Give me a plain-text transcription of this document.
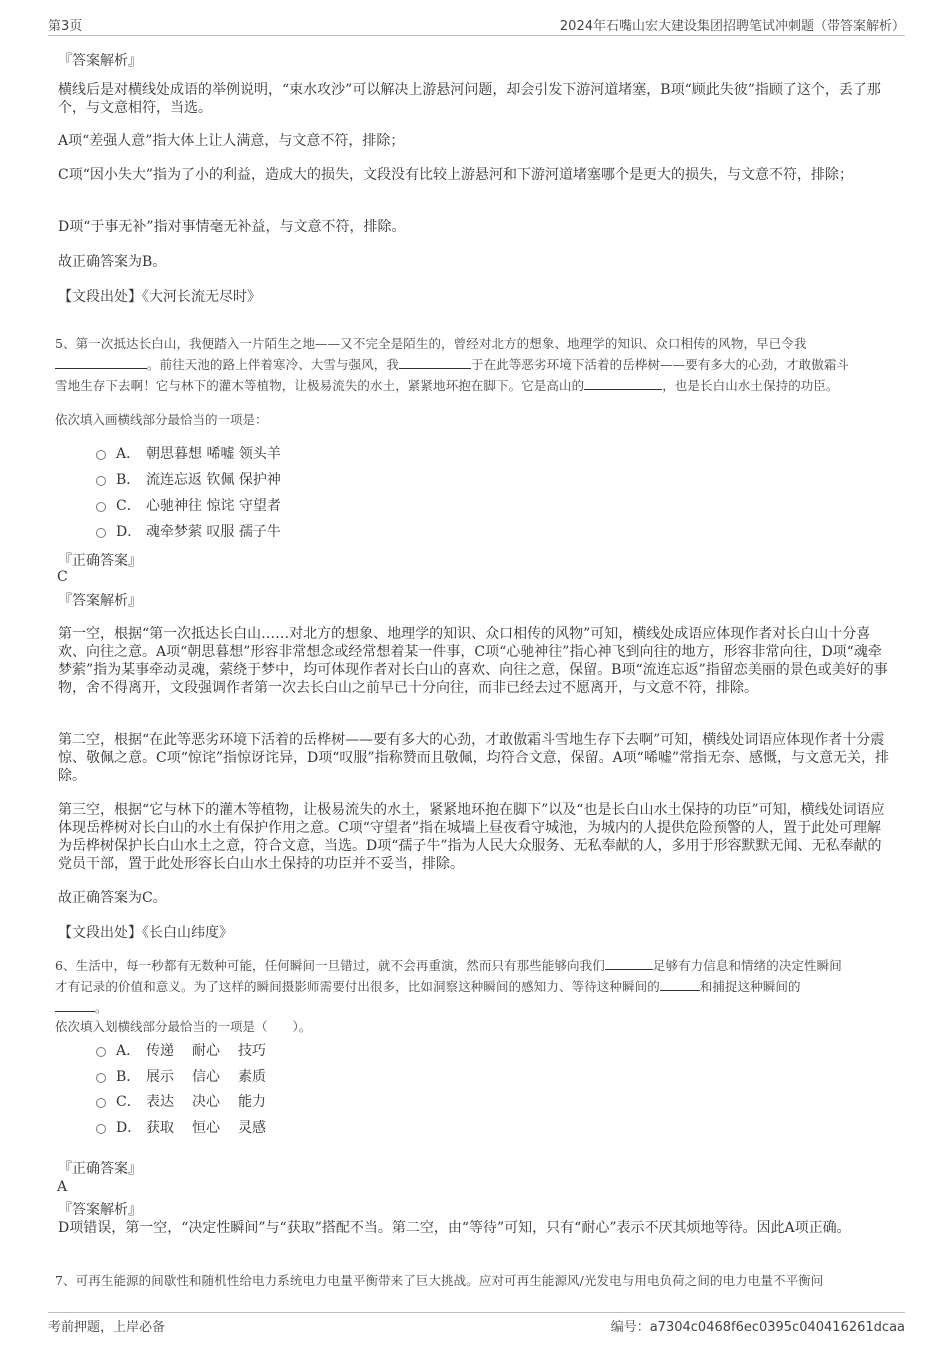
第3页	2024年石嘴山宏大建设集团招聘笔试冲刺题（带答案解析）
『答案解析』
横线后是对横线处成语的举例说明，“束水攻沙”可以解决上游悬河问题，却会引发下游河道堵塞，B项“顾此失彼”指顾了这个，丢了那个，与文意相符，当选。
A项“差强人意”指大体上让人满意，与文意不符，排除；
C项“因小失大”指为了小的利益，造成大的损失，文段没有比较上游悬河和下游河道堵塞哪个是更大的损失，与文意不符，排除；
D项“于事无补”指对事情毫无补益，与文意不符，排除。
故正确答案为B。
【文段出处】《大河长流无尽时》
5、第一次抵达长白山，我便踏入一片陌生之地——又不完全是陌生的，曾经对北方的想象、地理学的知识、众口相传的风物，早已令我
。前往天池的路上伴着寒冷、大雪与强风，我	于在此等恶劣环境下活着的岳桦树——要有多大的心劲，才敢傲霜斗
雪地生存下去啊！它与林下的灌木等植物，让极易流失的水土，紧紧地环抱在脚下。它是高山的	，也是长白山水土保持的功臣。
依次填入画横线部分最恰当的一项是：
A． 朝思暮想 唏嘘 领头羊
B． 流连忘返 钦佩 保护神
C． 心驰神往 惊诧 守望者
D． 魂牵梦萦 叹服 孺子牛
『正确答案』
C
『答案解析』
第一空，根据“第一次抵达长白山……对北方的想象、地理学的知识、众口相传的风物”可知，横线处成语应体现作者对长白山十分喜欢、向往之意。A项“朝思暮想”形容非常想念或经常想着某一件事，C项“心驰神往”指心神飞到向往的地方，形容非常向往，D项“魂牵梦萦”指为某事牵动灵魂，萦绕于梦中，均可体现作者对长白山的喜欢、向往之意，保留。B项“流连忘返”指留恋美丽的景色或美好的事物，舍不得离开，文段强调作者第一次去长白山之前早已十分向往，而非已经去过不愿离开，与文意不符，排除。
第二空，根据“在此等恶劣环境下活着的岳桦树——要有多大的心劲，才敢傲霜斗雪地生存下去啊”可知，横线处词语应体现作者十分震惊、敬佩之意。C项“惊诧”指惊讶诧异，D项“叹服”指称赞而且敬佩，均符合文意，保留。A项“唏嘘”常指无奈、感慨，与文意无关，排除。
第三空，根据“它与林下的灌木等植物，让极易流失的水土，紧紧地环抱在脚下”以及“也是长白山水土保持的功臣”可知，横线处词语应体现岳桦树对长白山的水土有保护作用之意。C项“守望者”指在城墙上昼夜看守城池，为城内的人提供危险预警的人，置于此处可理解为岳桦树保护长白山水土之意，符合文意，当选。D项“孺子牛”指为人民大众服务、无私奉献的人，多用于形容默默无闻、无私奉献的党员干部，置于此处形容长白山水土保持的功臣并不妥当，排除。
故正确答案为C。
【文段出处】《长白山纬度》
6、生活中，每一秒都有无数种可能，任何瞬间一旦错过，就不会再重演，然而只有那些能够向我们	足够有力信息和情绪的决定性瞬间
才有记录的价值和意义。为了这样的瞬间摄影师需要付出很多，比如洞察这种瞬间的感知力、等待这种瞬间的	和捕捉这种瞬间的
。
依次填入划横线部分最恰当的一项是（　　）。
A． 传递 耐心 技巧
B． 展示 信心 素质
C． 表达 决心 能力
D． 获取 恒心 灵感
『正确答案』
A
『答案解析』
D项错误，第一空，“决定性瞬间”与“获取”搭配不当。第二空，由“等待”可知，只有“耐心”表示不厌其烦地等待。因此A项正确。
7、可再生能源的间歇性和随机性给电力系统电力电量平衡带来了巨大挑战。应对可再生能源风/光发电与用电负荷之间的电力电量不平衡问
考前押题，上岸必备	编号：a7304c0468f6ec0395c040416261dcaa
